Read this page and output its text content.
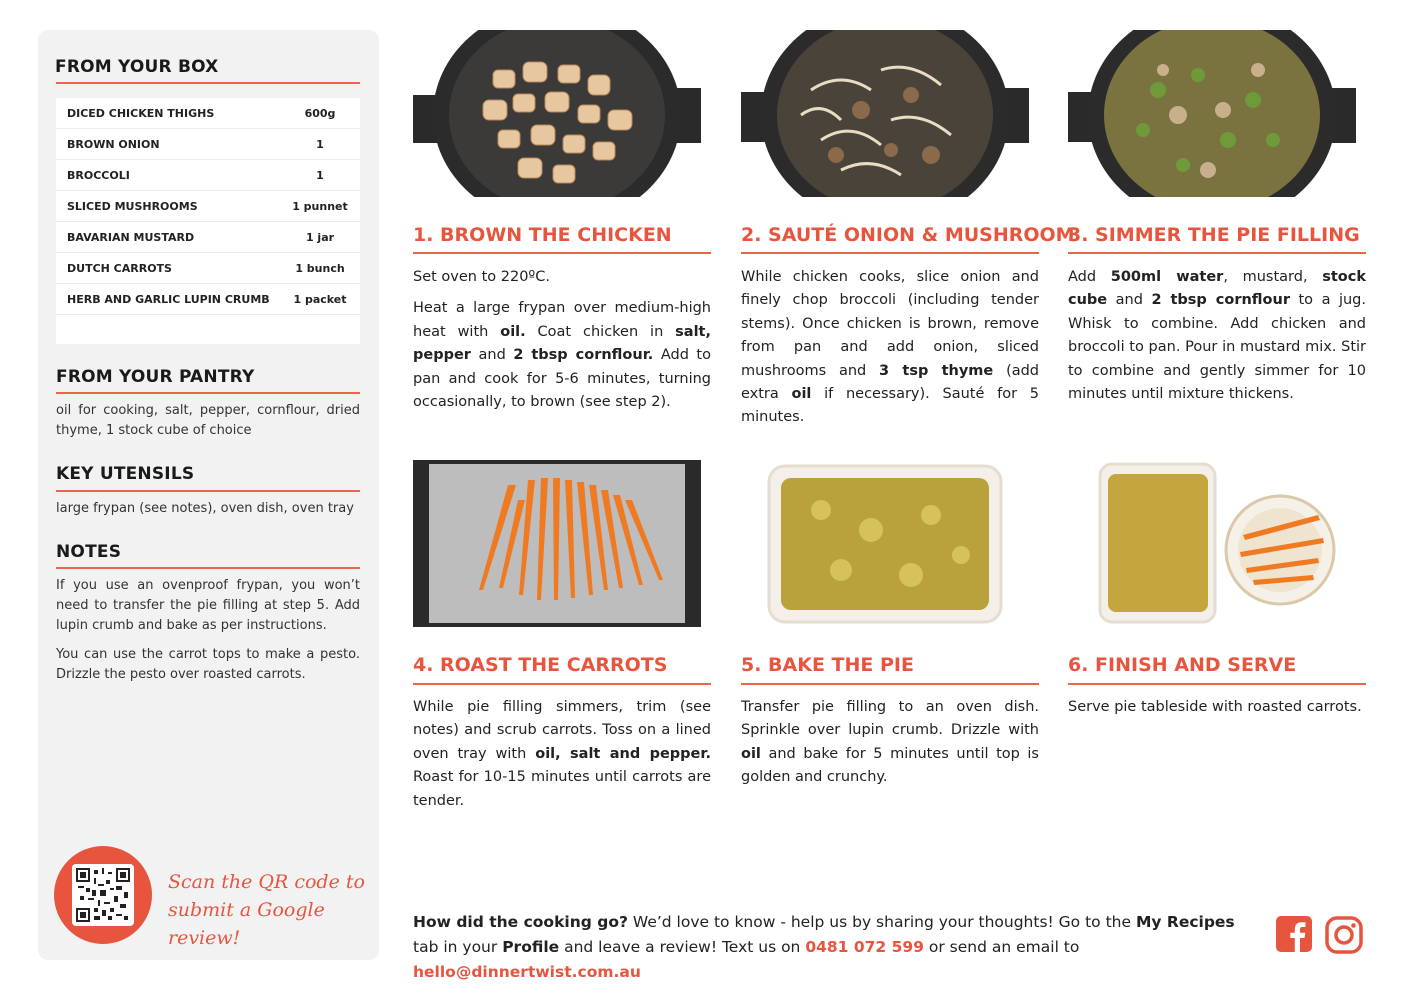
FROM YOUR BOX
DICED CHICKEN THIGHS	600g
BROWN ONION	1
BROCCOLI	1
SLICED MUSHROOMS	1 punnet
BAVARIAN MUSTARD	1 jar
DUTCH CARROTS	1 bunch
HERB AND GARLIC LUPIN CRUMB	1 packet
FROM YOUR PANTRY
oil for cooking, salt, pepper, cornflour, dried thyme, 1 stock cube of choice
KEY UTENSILS
large frypan (see notes), oven dish, oven tray
NOTES
If you use an ovenproof frypan, you won’t need to transfer the pie filling at step 5. Add lupin crumb and bake as per instructions.
You can use the carrot tops to make a pesto. Drizzle the pesto over roasted carrots.
Scan the QR code to
submit a Google review!
1. BROWN THE CHICKEN

Set oven to 220ºC.

Heat a large frypan over medium-high heat with oil. Coat chicken in salt, pepper and 2 tbsp cornflour. Add to pan and cook for 5-6 minutes, turning occasionally, to brown (see step 2).

2. SAUTÉ ONION & MUSHROOM

While chicken cooks, slice onion and finely chop broccoli (including tender stems). Once chicken is brown, remove from pan and add onion, sliced mushrooms and 3 tsp thyme (add extra oil if necessary). Sauté for 5 minutes.

3. SIMMER THE PIE FILLING

Add 500ml water, mustard, stock cube and 2 tbsp cornflour to a jug. Whisk to combine. Add chicken and broccoli to pan. Pour in mustard mix. Stir to combine and gently simmer for 10 minutes until mixture thickens.

4. ROAST THE CARROTS

While pie filling simmers, trim (see notes) and scrub carrots. Toss on a lined oven tray with oil, salt and pepper. Roast for 10-15 minutes until carrots are tender.

5. BAKE THE PIE

Transfer pie filling to an oven dish. Sprinkle over lupin crumb. Drizzle with oil and bake for 5 minutes until top is golden and crunchy.

6. FINISH AND SERVE

Serve pie tableside with roasted carrots.

How did the cooking go? We’d love to know - help us by sharing your thoughts! Go to the My Recipes tab in your Profile and leave a review! Text us on 0481 072 599 or send an email to hello@dinnertwist.com.au
